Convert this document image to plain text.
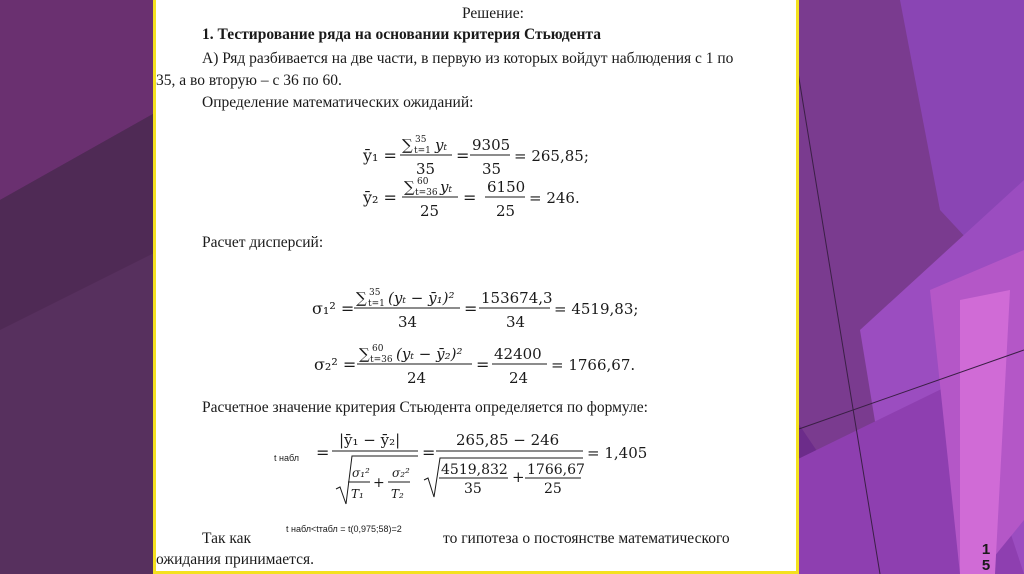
Решение:
1. Тестирование ряда на основании критерия Стьюдента
А) Ряд разбивается на две части, в первую из которых войдут наблюдения с 1 по
35, а во вторую – с 36 по 60.
Определение математических ожиданий:
ȳ₁ =
∑ 35
t=1 yₜ
35
=
9305
35
= 265,85;
ȳ₂ =
∑ 60
t=36 yₜ
25
=
6150
25
= 246.
Расчет дисперсий:
σ₁² =
∑ 35
t=1 (yₜ − ȳ₁)²
34
=
153674,3
34
= 4519,83;
σ₂² =
∑ 60
t=36 (yₜ − ȳ₂)²
24
=
42400
24
= 1766,67.
Расчетное значение критерия Стьюдента определяется по формуле:
t набл =
|ȳ₁ − ȳ₂|
σ₁²
T₁
+
σ₂²
T₂
=
265,85 − 246
4519,832
35
+ 1766,67
25
= 1,405
t набл<tтабл = t(0,975;58)=2
Так как	то гипотеза о постоянстве математического
ожидания принимается.
1
5
